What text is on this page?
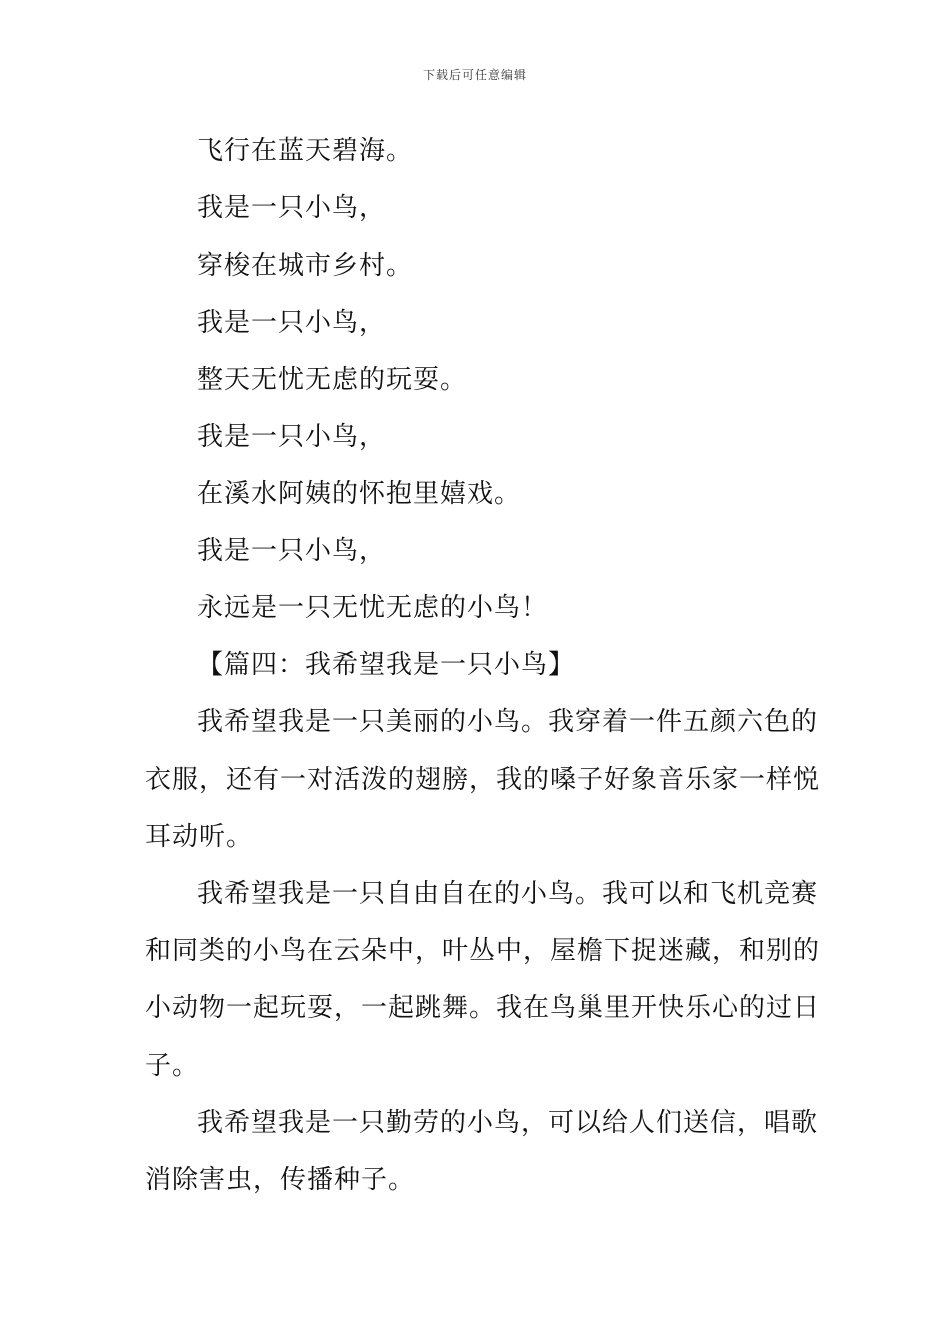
下载后可任意编辑

飞行在蓝天碧海。

我是一只小鸟，

穿梭在城市乡村。

我是一只小鸟，

整天无忧无虑的玩耍。

我是一只小鸟，

在溪水阿姨的怀抱里嬉戏。

我是一只小鸟，

永远是一只无忧无虑的小鸟！

【篇四：我希望我是一只小鸟】

我希望我是一只美丽的小鸟。我穿着一件五颜六色的

衣服，还有一对活泼的翅膀，我的嗓子好象音乐家一样悦

耳动听。

我希望我是一只自由自在的小鸟。我可以和飞机竞赛

和同类的小鸟在云朵中，叶丛中，屋檐下捉迷藏，和别的

小动物一起玩耍，一起跳舞。我在鸟巢里开快乐心的过日

子。

我希望我是一只勤劳的小鸟，可以给人们送信，唱歌

消除害虫，传播种子。
